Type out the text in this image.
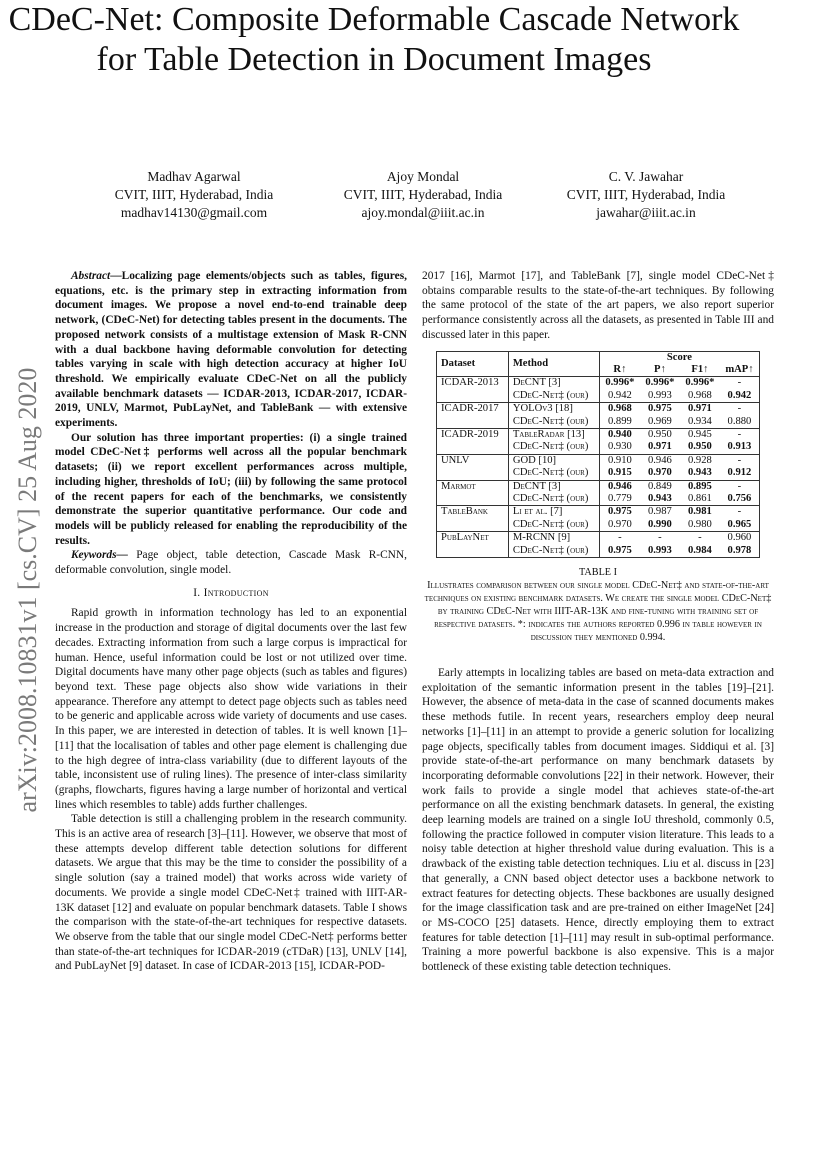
CDeC-Net: Composite Deformable Cascade Network for Table Detection in Document Images
Madhav Agarwal
CVIT, IIIT, Hyderabad, India
madhav14130@gmail.com
Ajoy Mondal
CVIT, IIIT, Hyderabad, India
ajoy.mondal@iiit.ac.in
C. V. Jawahar
CVIT, IIIT, Hyderabad, India
jawahar@iiit.ac.in
arXiv:2008.10831v1 [cs.CV] 25 Aug 2020

Abstract—Localizing page elements/objects such as tables, figures, equations, etc. is the primary step in extracting information from document images. We propose a novel end-to-end trainable deep network, (CDeC-Net) for detecting tables present in the documents. The proposed network consists of a multistage extension of Mask R-CNN with a dual backbone having deformable convolution for detecting tables varying in scale with high detection accuracy at higher IoU threshold. We empirically evaluate CDeC-Net on all the publicly available benchmark datasets — ICDAR-2013, ICDAR-2017, ICDAR-2019, UNLV, Marmot, PubLayNet, and TableBank — with extensive experiments.

Our solution has three important properties: (i) a single trained model CDeC-Net‡ performs well across all the popular benchmark datasets; (ii) we report excellent performances across multiple, including higher, thresholds of IoU; (iii) by following the same protocol of the recent papers for each of the benchmarks, we consistently demonstrate the superior quantitative performance. Our code and models will be publicly released for enabling the reproducibility of the results.

Keywords— Page object, table detection, Cascade Mask R-CNN, deformable convolution, single model.

I. Introduction

Rapid growth in information technology has led to an exponential increase in the production and storage of digital documents over the last few decades. Extracting information from such a large corpus is impractical for human. Hence, useful information could be lost or not utilized over time. Digital documents have many other page objects (such as tables and figures) beyond text. These page objects also show wide variations in their appearance. Therefore any attempt to detect page objects such as tables need to be generic and applicable across wide variety of documents and use cases. In this paper, we are interested in detection of tables. It is well known [1]–[11] that the localisation of tables and other page element is challenging due to the high degree of intra-class variability (due to different layouts of the table, inconsistent use of ruling lines). The presence of inter-class similarity (graphs, flowcharts, figures having a large number of horizontal and vertical lines which resembles to table) adds further challenges.

Table detection is still a challenging problem in the research community. This is an active area of research [3]–[11]. However, we observe that most of these attempts develop different table detection solutions for different datasets. We argue that this may be the time to consider the possibility of a single solution (say a trained model) that works across wide variety of documents. We provide a single model CDeC-Net‡ trained with IIIT-AR-13K dataset [12] and evaluate on popular benchmark datasets. Table I shows the comparison with the state-of-the-art techniques for respective datasets. We observe from the table that our single model CDeC-Net‡ performs better than state-of-the-art techniques for ICDAR-2019 (cTDaR) [13], UNLV [14], and PubLayNet [9] dataset. In case of ICDAR-2013 [15], ICDAR-POD-

2017 [16], Marmot [17], and TableBank [7], single model CDeC-Net‡ obtains comparable results to the state-of-the-art techniques. By following the same protocol of the state of the art papers, we also report superior performance consistently across all the datasets, as presented in Table III and discussed later in this paper.

Dataset	Method	Score			
		R↑	P↑	F1↑	mAP↑
ICDAR-2013	DeCNT [3]	0.996*	0.996*	0.996*	-
	CDeC-Net‡ (our)	0.942	0.993	0.968	0.942
ICADR-2017	YOLOv3 [18]	0.968	0.975	0.971	-
	CDeC-Net‡ (our)	0.899	0.969	0.934	0.880
ICADR-2019	TableRadar [13]	0.940	0.950	0.945	-
	CDeC-Net‡ (our)	0.930	0.971	0.950	0.913
UNLV	GOD [10]	0.910	0.946	0.928	-
	CDeC-Net‡ (our)	0.915	0.970	0.943	0.912
Marmot	DeCNT [3]	0.946	0.849	0.895	-
	CDeC-Net‡ (our)	0.779	0.943	0.861	0.756
TableBank	Li et al. [7]	0.975	0.987	0.981	-
	CDeC-Net‡ (our)	0.970	0.990	0.980	0.965
PubLayNet	M-RCNN [9]	-	-	-	0.960
	CDeC-Net‡ (our)	0.975	0.993	0.984	0.978
TABLE I
Illustrates comparison between our single model CDeC-Net‡ and state-of-the-art techniques on existing benchmark datasets. We create the single model CDeC-Net‡ by training CDeC-Net with IIIT-AR-13K and fine-tuning with training set of respective datasets. *: indicates the authors reported 0.996 in table however in discussion they mentioned 0.994.

Early attempts in localizing tables are based on meta-data extraction and exploitation of the semantic information present in the tables [19]–[21]. However, the absence of meta-data in the case of scanned documents makes these methods futile. In recent years, researchers employ deep neural networks [1]–[11] in an attempt to provide a generic solution for localizing page objects, specifically tables from document images. Siddiqui et al. [3] provide state-of-the-art performance on many benchmark datasets by incorporating deformable convolutions [22] in their network. However, their work fails to provide a single model that achieves state-of-the-art performance on all the existing benchmark datasets. In general, the existing deep learning models are trained on a single IoU threshold, commonly 0.5, following the practice followed in computer vision literature. This leads to a noisy table detection at higher threshold value during evaluation. This is a drawback of the existing table detection techniques. Liu et al. discuss in [23] that generally, a CNN based object detector uses a backbone network to extract features for detecting objects. These backbones are usually designed for the image classification task and are pre-trained on either ImageNet [24] or MS-COCO [25] datasets. Hence, directly employing them to extract features for table detection [1]–[11] may result in sub-optimal performance. Training a more powerful backbone is also expensive. This is a major bottleneck of these existing table detection techniques.
